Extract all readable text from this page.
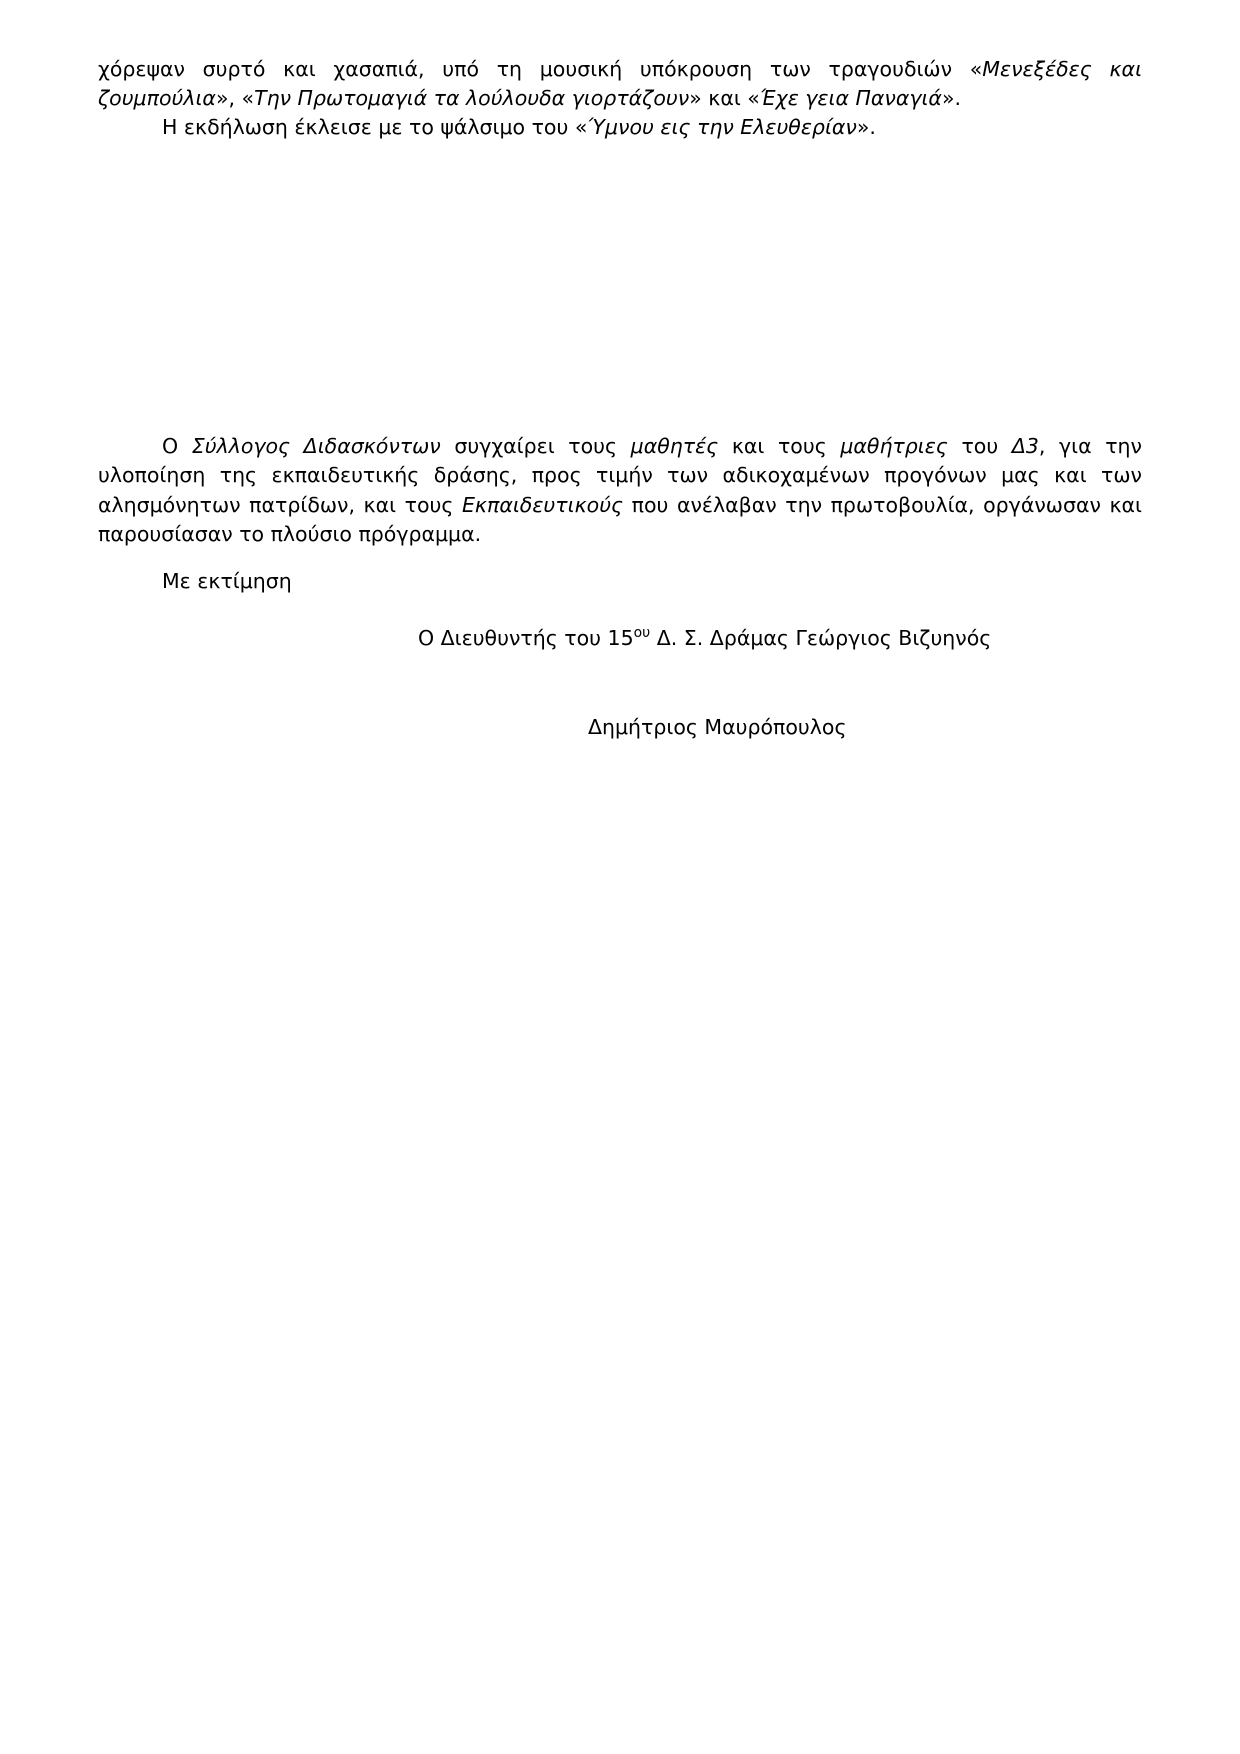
χόρεψαν συρτό και χασαπιά, υπό τη μουσική υπόκρουση των τραγουδιών «Μενεξέδες και ζουμπούλια», «Την Πρωτομαγιά τα λούλουδα γιορτάζουν» και «Έχε γεια Παναγιά».

Η εκδήλωση έκλεισε με το ψάλσιμο του «Ύμνου εις την Ελευθερίαν».

Ο Σύλλογος Διδασκόντων συγχαίρει τους μαθητές και τους μαθήτριες του Δ3, για την υλοποίηση της εκπαιδευτικής δράσης, προς τιμήν των αδικοχαμένων προγόνων μας και των αλησμόνητων πατρίδων, και τους Εκπαιδευτικούς που ανέλαβαν την πρωτοβουλία, οργάνωσαν και παρουσίασαν το πλούσιο πρόγραμμα.

Με εκτίμηση

Ο Διευθυντής του $15^{o\upsilon}$ Δ. Σ. Δράμας Γεώργιος Βιζυηνός

Δημήτριος Μαυρόπουλος
